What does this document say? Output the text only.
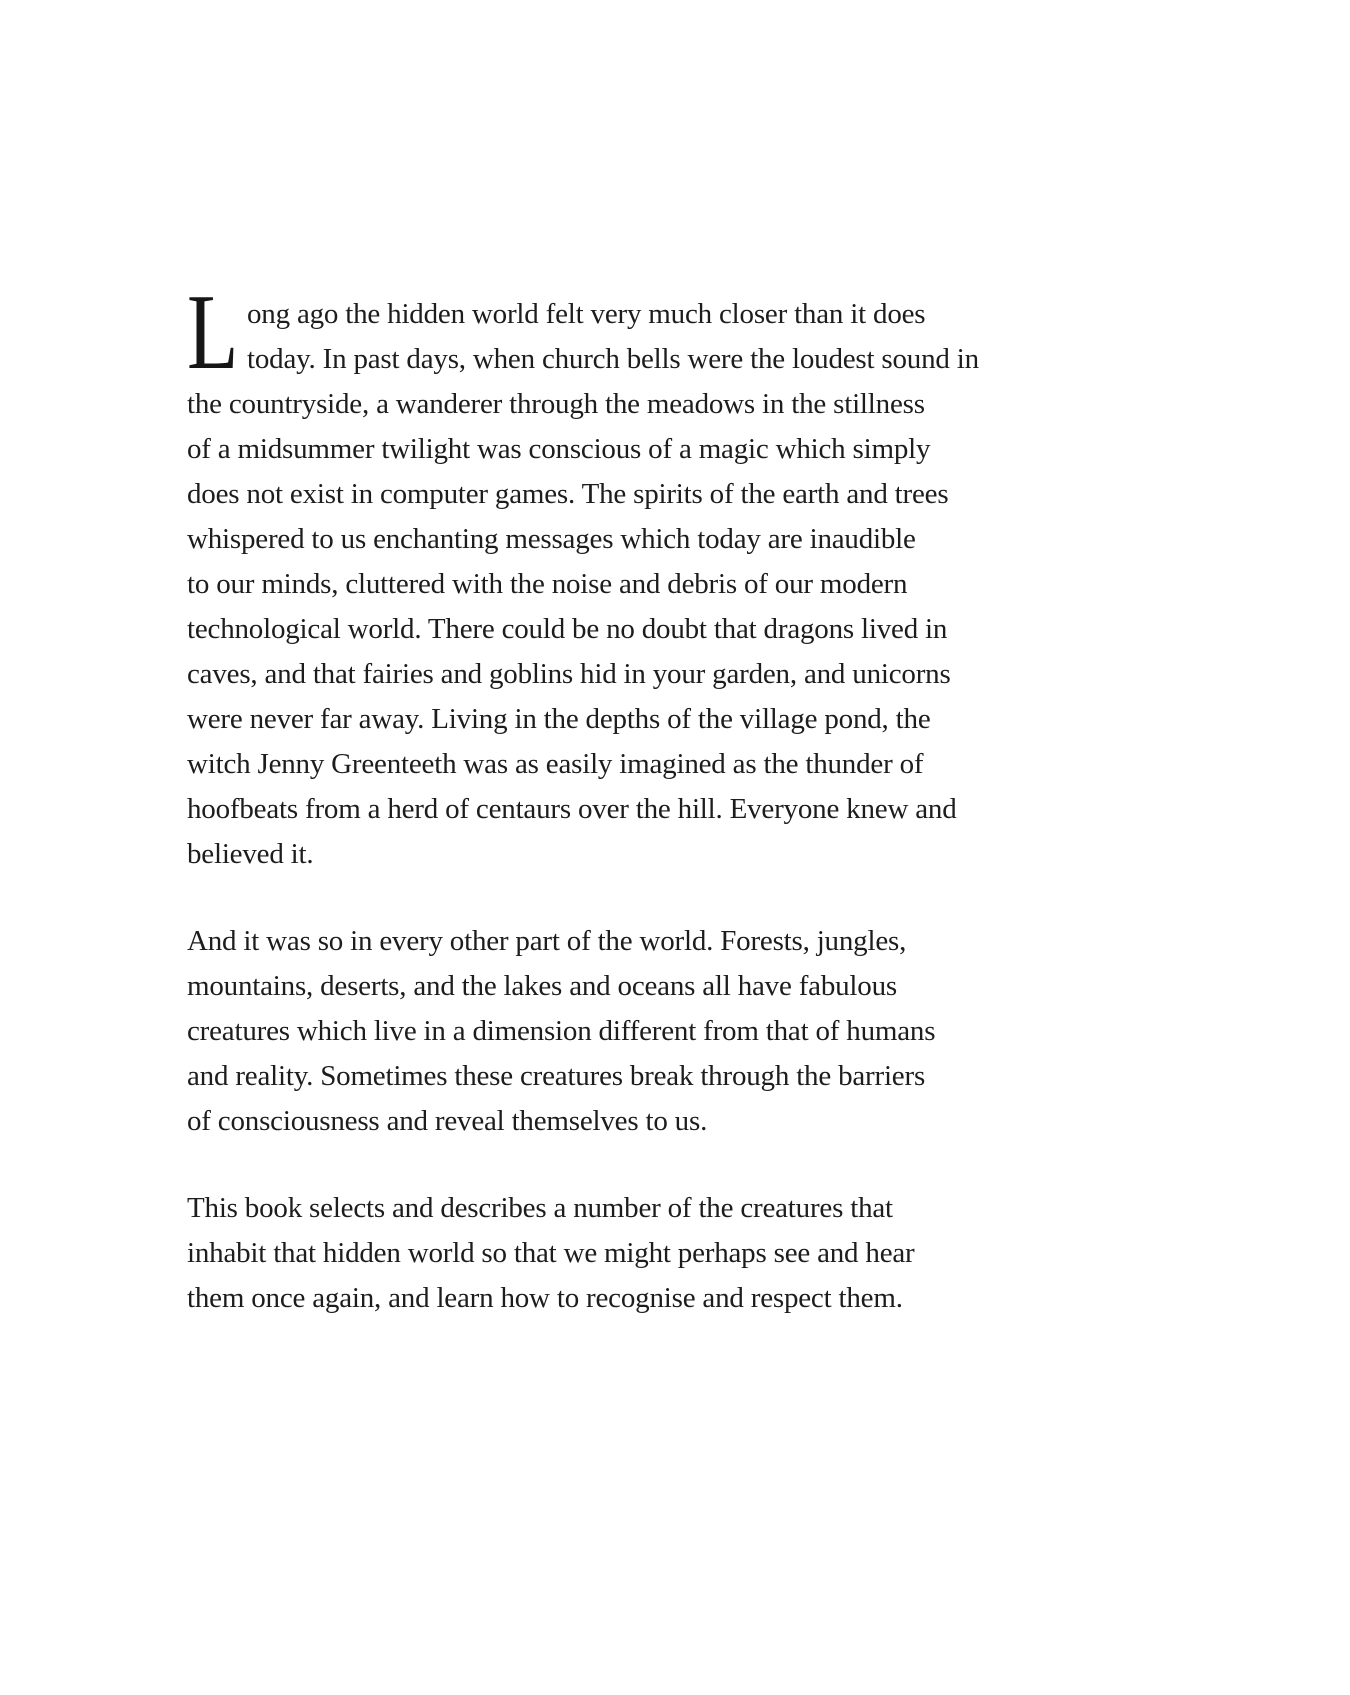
L ong ago the hidden world felt very much closer than it does
today. In past days, when church bells were the loudest sound in
the countryside, a wanderer through the meadows in the stillness
of a midsummer twilight was conscious of a magic which simply
does not exist in computer games. The spirits of the earth and trees
whispered to us enchanting messages which today are inaudible
to our minds, cluttered with the noise and debris of our modern
technological world. There could be no doubt that dragons lived in
caves, and that fairies and goblins hid in your garden, and unicorns
were never far away. Living in the depths of the village pond, the
witch Jenny Greenteeth was as easily imagined as the thunder of
hoofbeats from a herd of centaurs over the hill. Everyone knew and
believed it.
And it was so in every other part of the world. Forests, jungles,
mountains, deserts, and the lakes and oceans all have fabulous
creatures which live in a dimension different from that of humans
and reality. Sometimes these creatures break through the barriers
of consciousness and reveal themselves to us.
This book selects and describes a number of the creatures that
inhabit that hidden world so that we might perhaps see and hear
them once again, and learn how to recognise and respect them.
